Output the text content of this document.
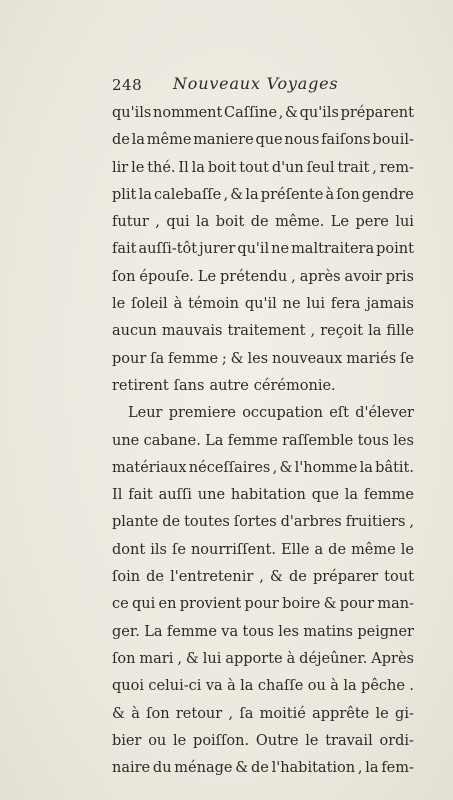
248 Nouveaux Voyages
qu'ils nomment Caſſine , & qu'ils préparent
de la même maniere que nous faiſons bouil-
lir le thé. Il la boit tout d'un ſeul trait , rem-
plit la calebaſſe , & la préſente à ſon gendre
futur , qui la boit de même. Le pere lui
fait auſſi-tôt jurer qu'il ne maltraitera point
ſon épouſe. Le prétendu , après avoir pris
le ſoleil à témoin qu'il ne lui fera jamais
aucun mauvais traitement , reçoit la fille
pour ſa femme ; & les nouveaux mariés ſe
retirent ſans autre cérémonie.
Leur premiere occupation eſt d'élever
une cabane. La femme raſſemble tous les
matériaux néceſſaires , & l'homme la bâtit.
Il fait auſſi une habitation que la femme
plante de toutes ſortes d'arbres fruitiers ,
dont ils ſe nourriſſent. Elle a de même le
ſoin de l'entretenir , & de préparer tout
ce qui en provient pour boire & pour man-
ger. La femme va tous les matins peigner
ſon mari , & lui apporte à déjeûner. Après
quoi celui-ci va à la chaſſe ou à la pêche .
& à ſon retour , ſa moitié apprête le gi-
bier ou le poiſſon. Outre le travail ordi-
naire du ménage & de l'habitation , la fem-
